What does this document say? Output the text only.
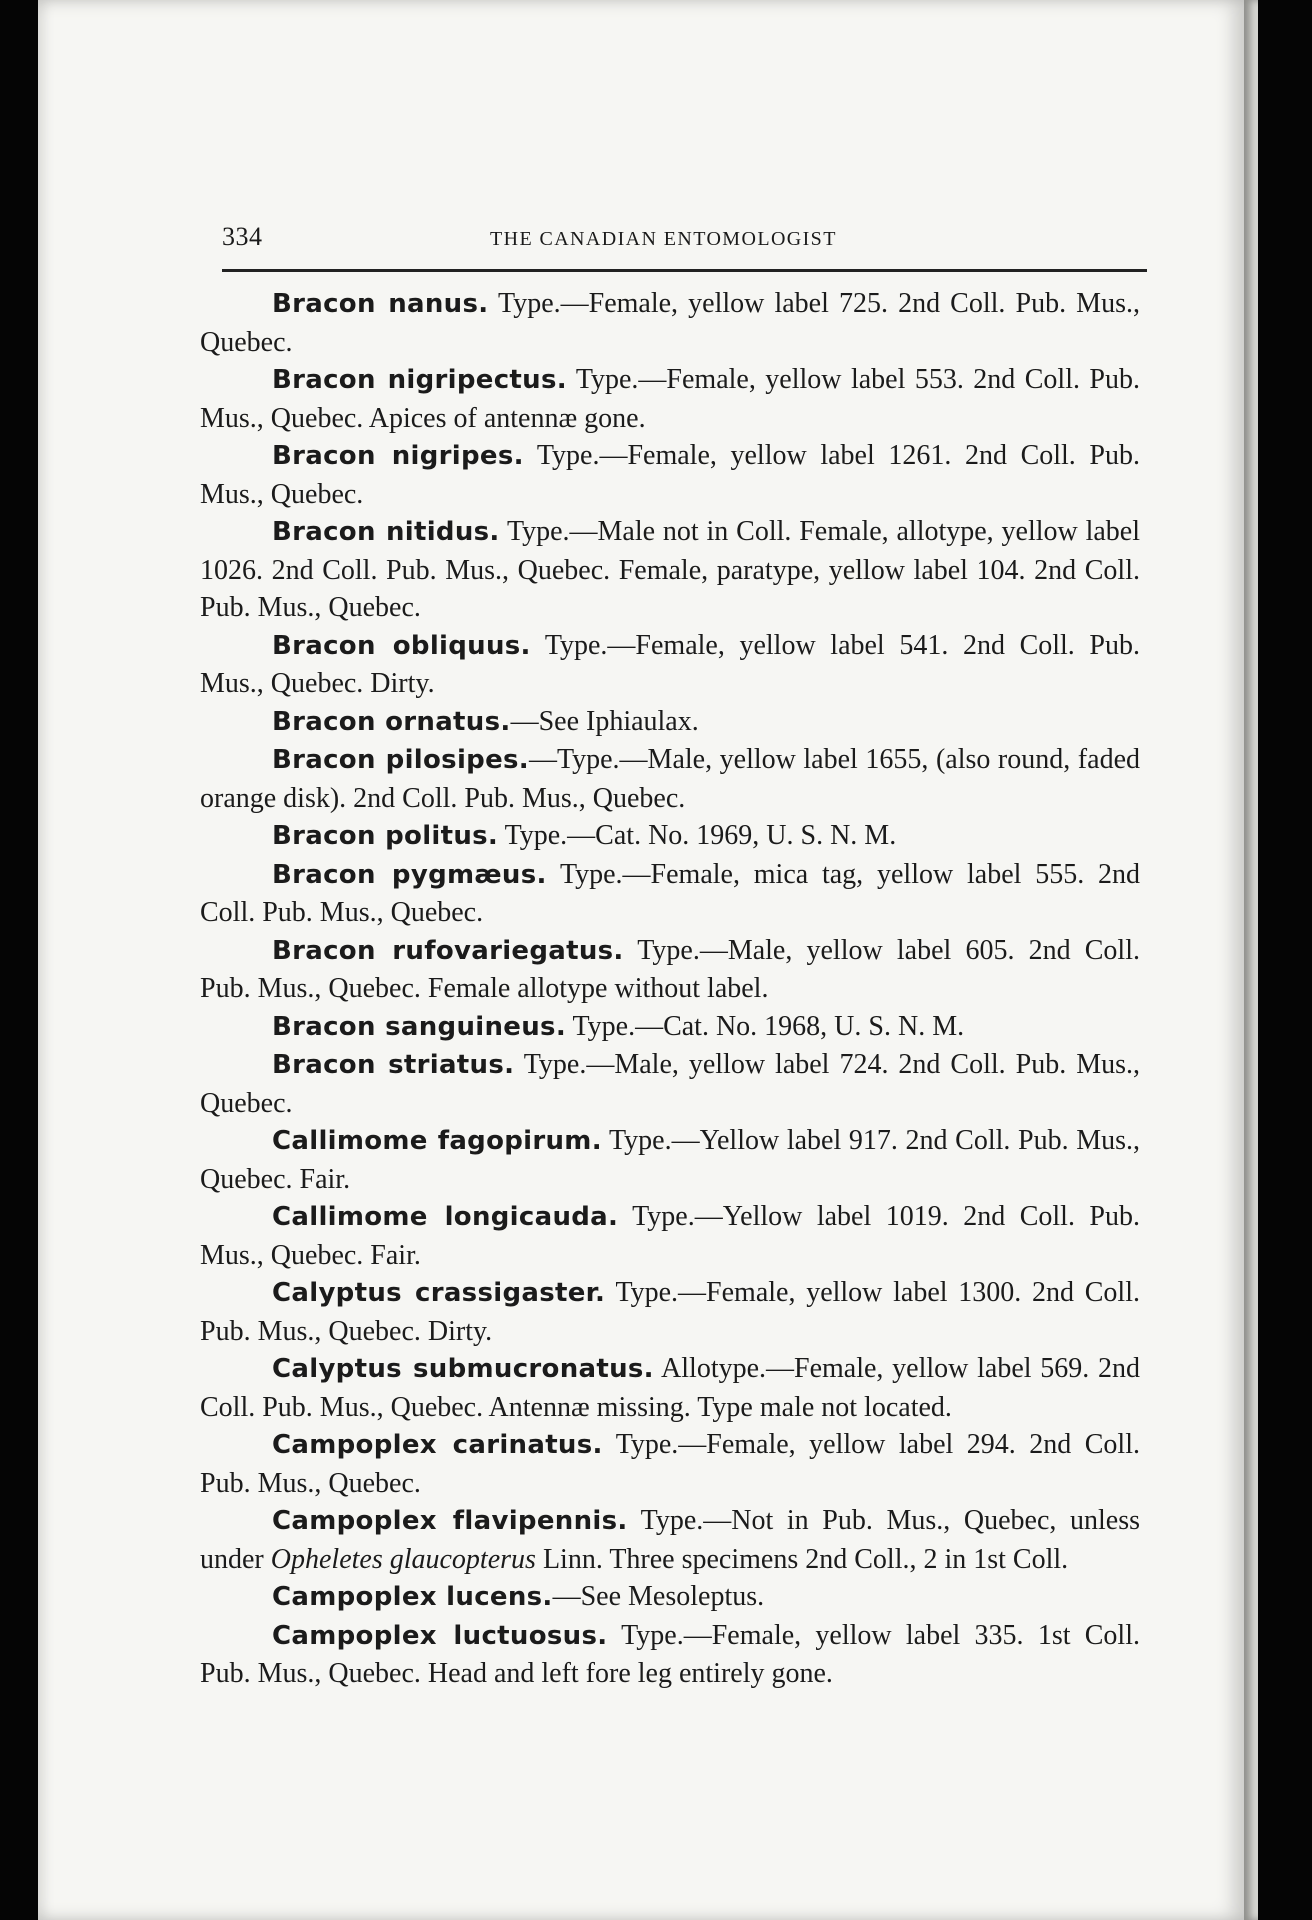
334	THE CANADIAN ENTOMOLOGIST

Bracon nanus. Type.—Female, yellow label 725. 2nd Coll. Pub. Mus., Quebec.

Bracon nigripectus. Type.—Female, yellow label 553. 2nd Coll. Pub. Mus., Quebec. Apices of antennæ gone.

Bracon nigripes. Type.—Female, yellow label 1261. 2nd Coll. Pub. Mus., Quebec.

Bracon nitidus. Type.—Male not in Coll. Female, allotype, yellow label 1026. 2nd Coll. Pub. Mus., Quebec. Female, paratype, yellow label 104. 2nd Coll. Pub. Mus., Quebec.

Bracon obliquus. Type.—Female, yellow label 541. 2nd Coll. Pub. Mus., Quebec. Dirty.

Bracon ornatus.—See Iphiaulax.

Bracon pilosipes.—Type.—Male, yellow label 1655, (also round, faded orange disk). 2nd Coll. Pub. Mus., Quebec.

Bracon politus. Type.—Cat. No. 1969, U. S. N. M.

Bracon pygmæus. Type.—Female, mica tag, yellow label 555. 2nd Coll. Pub. Mus., Quebec.

Bracon rufovariegatus. Type.—Male, yellow label 605. 2nd Coll. Pub. Mus., Quebec. Female allotype without label.

Bracon sanguineus. Type.—Cat. No. 1968, U. S. N. M.

Bracon striatus. Type.—Male, yellow label 724. 2nd Coll. Pub. Mus., Quebec.

Callimome fagopirum. Type.—Yellow label 917. 2nd Coll. Pub. Mus., Quebec. Fair.

Callimome longicauda. Type.—Yellow label 1019. 2nd Coll. Pub. Mus., Quebec. Fair.

Calyptus crassigaster. Type.—Female, yellow label 1300. 2nd Coll. Pub. Mus., Quebec. Dirty.

Calyptus submucronatus. Allotype.—Female, yellow label 569. 2nd Coll. Pub. Mus., Quebec. Antennæ missing. Type male not located.

Campoplex carinatus. Type.—Female, yellow label 294. 2nd Coll. Pub. Mus., Quebec.

Campoplex flavipennis. Type.—Not in Pub. Mus., Quebec, unless under Opheletes glaucopterus Linn. Three specimens 2nd Coll., 2 in 1st Coll.

Campoplex lucens.—See Mesoleptus.

Campoplex luctuosus. Type.—Female, yellow label 335. 1st Coll. Pub. Mus., Quebec. Head and left fore leg entirely gone.
